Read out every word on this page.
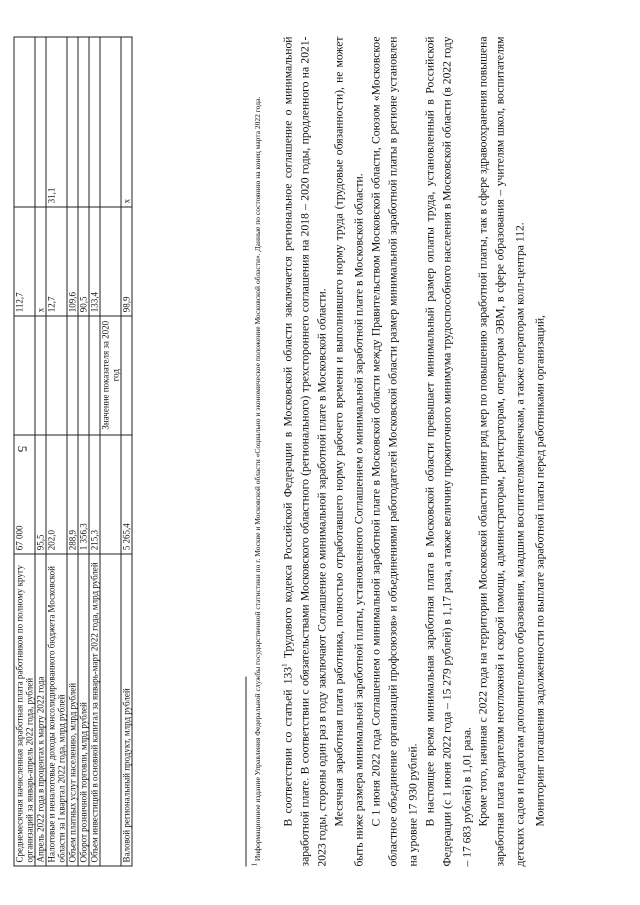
5
Среднемесячная начисленная заработная плата работников по полному кругу организаций за январь-апрель 2022 года, рублей	67 000		112,7	
Апрель 2022 года в процентах к марту 2022 года	95,5		x	
Налоговые и неналоговые доходы консолидированного бюджета Московской области за I квартал 2022 года, млрд рублей	202,0		12,7	31,1
Объем платных услуг населению, млрд рублей	288,9		109,6	
Оборот розничной торговли, млрд рублей	1 356,3		90,5	
Объем инвестиций в основной капитал за январь-март 2022 года, млрд рублей	215,3		133,4	
		Значение показателя за 2020 год		
Валовой региональный продукт, млрд рублей	5 265,4		98,9	x
1 Информационное издание Управления Федеральной службы государственной статистики по г. Москве и Московской области «Социально и экономическое положение Московской области». Данные по состоянию на конец марта 2022 года.	В соответствии со статьей $133^1$ Трудового кодекса Российской Федерации в Московской области заключается региональное соглашение о минимальной заработной плате. В соответствии с обязательствами Московского областного (регионального) трехстороннего соглашения на 2018 – 2020 годы, продленного на 2021-2023 годы, стороны один раз в году заключают Соглашение о минимальной заработной плате в Московской области. Месячная заработная плата работника, полностью отработавшего норму рабочего времени и выполнившего норму труда (трудовые обязанности), не может быть ниже размера минимальной заработной платы, установленного Соглашением о минимальной заработной плате в Московской области. С 1 июня 2022 года Соглашением о минимальной заработной плате в Московской области между Правительством Московской области, Союзом «Московское областное объединение организаций профсоюзов» и объединениями работодателей Московской области размер минимальной заработной платы в регионе установлен на уровне 17 930 рублей. В настоящее время минимальная заработная плата в Московской области превышает минимальный размер оплаты труда, установленный в Российской Федерации (с 1 июня 2022 года – 15 279 рублей) в 1,17 раза, а также величину прожиточного минимума трудоспособного населения в Московской области (в 2022 году – 17 683 рублей) в 1,01 раза. Кроме того, начиная с 2022 года на территории Московской области принят ряд мер по повышению заработной платы, так в сфере здравоохранения повышена заработная плата водителям неотложной и скорой помощи, администраторам, регистраторам, операторам ЭВМ, в сфере образования – учителям школ, воспитателям детских садов и педагогам дополнительного образования, младшим воспитателям/нянечкам, а также операторам колл-центра 112. Мониторинг погашения задолженности по выплате заработной платы перед работниками организаций,
